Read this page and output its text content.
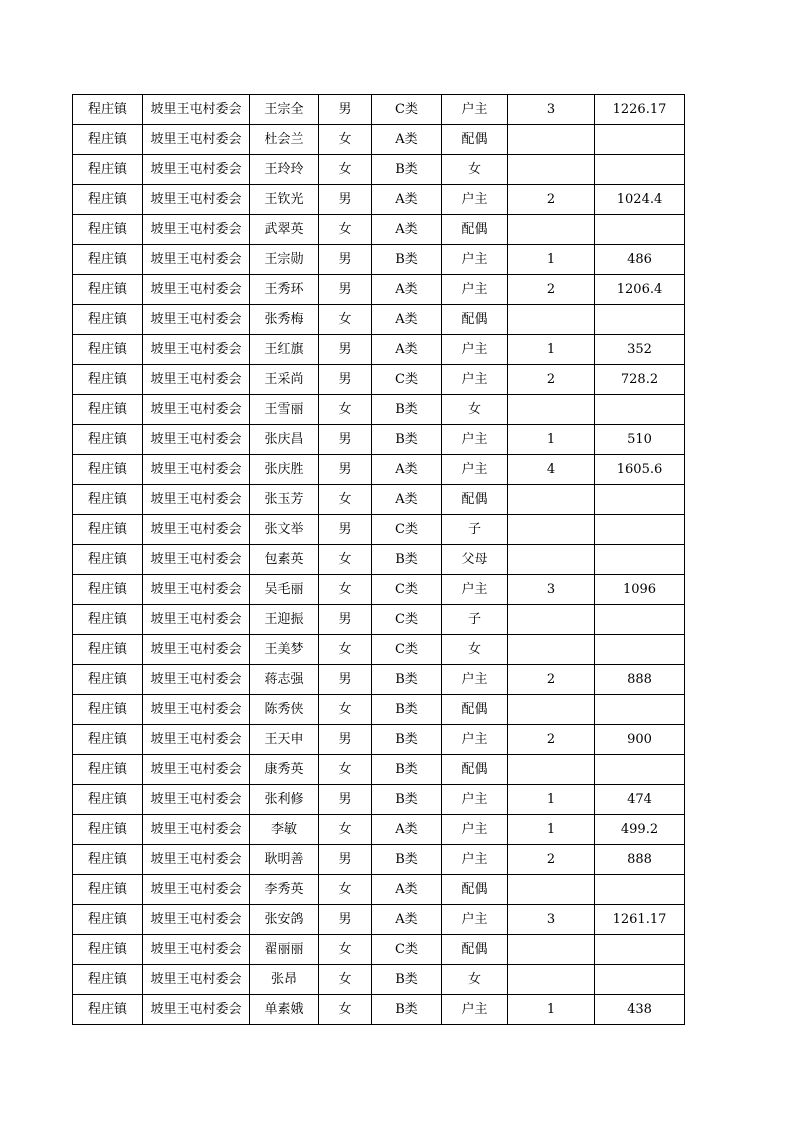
程庄镇	坡里王屯村委会	王宗全	男	C类	户主	3	1226.17
程庄镇	坡里王屯村委会	杜会兰	女	A类	配偶		
程庄镇	坡里王屯村委会	王玲玲	女	B类	女		
程庄镇	坡里王屯村委会	王钦光	男	A类	户主	2	1024.4
程庄镇	坡里王屯村委会	武翠英	女	A类	配偶		
程庄镇	坡里王屯村委会	王宗勋	男	B类	户主	1	486
程庄镇	坡里王屯村委会	王秀环	男	A类	户主	2	1206.4
程庄镇	坡里王屯村委会	张秀梅	女	A类	配偶		
程庄镇	坡里王屯村委会	王红旗	男	A类	户主	1	352
程庄镇	坡里王屯村委会	王采尚	男	C类	户主	2	728.2
程庄镇	坡里王屯村委会	王雪丽	女	B类	女		
程庄镇	坡里王屯村委会	张庆昌	男	B类	户主	1	510
程庄镇	坡里王屯村委会	张庆胜	男	A类	户主	4	1605.6
程庄镇	坡里王屯村委会	张玉芳	女	A类	配偶		
程庄镇	坡里王屯村委会	张文举	男	C类	子		
程庄镇	坡里王屯村委会	包素英	女	B类	父母		
程庄镇	坡里王屯村委会	吴毛丽	女	C类	户主	3	1096
程庄镇	坡里王屯村委会	王迎振	男	C类	子		
程庄镇	坡里王屯村委会	王美梦	女	C类	女		
程庄镇	坡里王屯村委会	蒋志强	男	B类	户主	2	888
程庄镇	坡里王屯村委会	陈秀侠	女	B类	配偶		
程庄镇	坡里王屯村委会	王天申	男	B类	户主	2	900
程庄镇	坡里王屯村委会	康秀英	女	B类	配偶		
程庄镇	坡里王屯村委会	张利修	男	B类	户主	1	474
程庄镇	坡里王屯村委会	李敏	女	A类	户主	1	499.2
程庄镇	坡里王屯村委会	耿明善	男	B类	户主	2	888
程庄镇	坡里王屯村委会	李秀英	女	A类	配偶		
程庄镇	坡里王屯村委会	张安鸽	男	A类	户主	3	1261.17
程庄镇	坡里王屯村委会	翟丽丽	女	C类	配偶		
程庄镇	坡里王屯村委会	张昂	女	B类	女		
程庄镇	坡里王屯村委会	单素娥	女	B类	户主	1	438
